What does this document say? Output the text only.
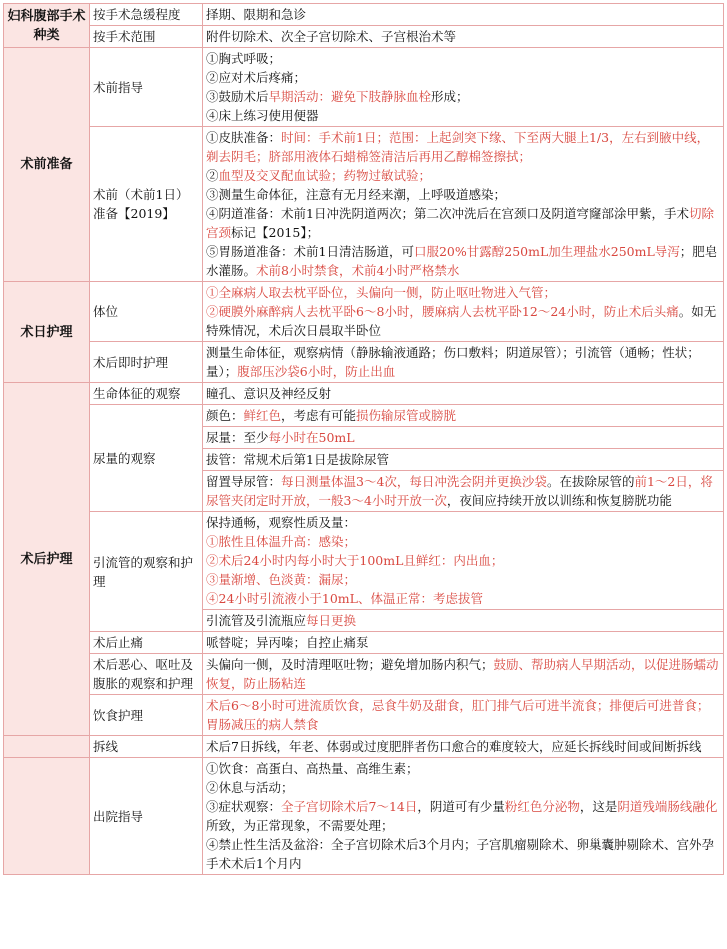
妇科腹部手术种类	按手术急缓程度	择期、限期和急诊
	按手术范围	附件切除术、次全子宫切除术、子宫根治术等
术前准备	术前指导	①胸式呼吸；
②应对术后疼痛；
③鼓励术后早期活动：避免下肢静脉血栓形成；
④床上练习使用便器

	术前（术前1日）准备【2019】	①皮肤准备：时间：手术前1日；范围：上起剑突下缘、下至两大腿上1/3，左右到腋中线，剃去阴毛；脐部用液体石蜡棉签清洁后再用乙醇棉签擦拭；
②血型及交叉配血试验；药物过敏试验；
③测量生命体征，注意有无月经来潮，上呼吸道感染；
④阴道准备：术前1日冲洗阴道两次；第二次冲洗后在宫颈口及阴道穹窿部涂甲紫，手术切除宫颈标记【2015】；
⑤胃肠道准备：术前1日清洁肠道，可口服20%甘露醇250mL加生理盐水250mL导泻；肥皂水灌肠。术前8小时禁食，术前4小时严格禁水

术日护理	体位	①全麻病人取去枕平卧位，头偏向一侧，防止呕吐物进入气管；
②硬膜外麻醉病人去枕平卧6～8小时，腰麻病人去枕平卧12～24小时，防止术后头痛。如无特殊情况，术后次日晨取半卧位

	术后即时护理	测量生命体征，观察病情（静脉输液通路；伤口敷料；阴道尿管）；引流管（通畅；性状；量）；腹部压沙袋6小时，防止出血
术后护理	生命体征的观察	瞳孔、意识及神经反射
	尿量的观察	颜色：鲜红色，考虑有可能损伤输尿管或膀胱
		尿量：至少每小时在50mL
		拔管：常规术后第1日是拔除尿管
		留置导尿管：每日测量体温3～4次，每日冲洗会阴并更换沙袋。在拔除尿管的前1～2日，将尿管夹闭定时开放，一般3～4小时开放一次，夜间应持续开放以训练和恢复膀胱功能
	引流管的观察和护理	保持通畅，观察性质及量：
①脓性且体温升高：感染；
②术后24小时内每小时大于100mL且鲜红：内出血；
③量渐增、色淡黄：漏尿；
④24小时引流液小于10mL、体温正常：考虑拔管

		引流管及引流瓶应每日更换
	术后止痛	哌替啶；异丙嗪；自控止痛泵
	术后恶心、呕吐及腹胀的观察和护理	头偏向一侧，及时清理呕吐物；避免增加肠内积气；鼓励、帮助病人早期活动，以促进肠蠕动恢复，防止肠粘连
	饮食护理	术后6～8小时可进流质饮食，忌食牛奶及甜食，肛门排气后可进半流食；排便后可进普食；胃肠减压的病人禁食
	拆线	术后7日拆线，年老、体弱或过度肥胖者伤口愈合的难度较大，应延长拆线时间或间断拆线
	出院指导	①饮食：高蛋白、高热量、高维生素；
②休息与活动；
③症状观察：全子宫切除术后7～14日，阴道可有少量粉红色分泌物，这是阴道残端肠线融化所致，为正常现象，不需要处理；
④禁止性生活及盆浴：全子宫切除术后3个月内；子宫肌瘤剔除术、卵巢囊肿剔除术、宫外孕手术术后1个月内
